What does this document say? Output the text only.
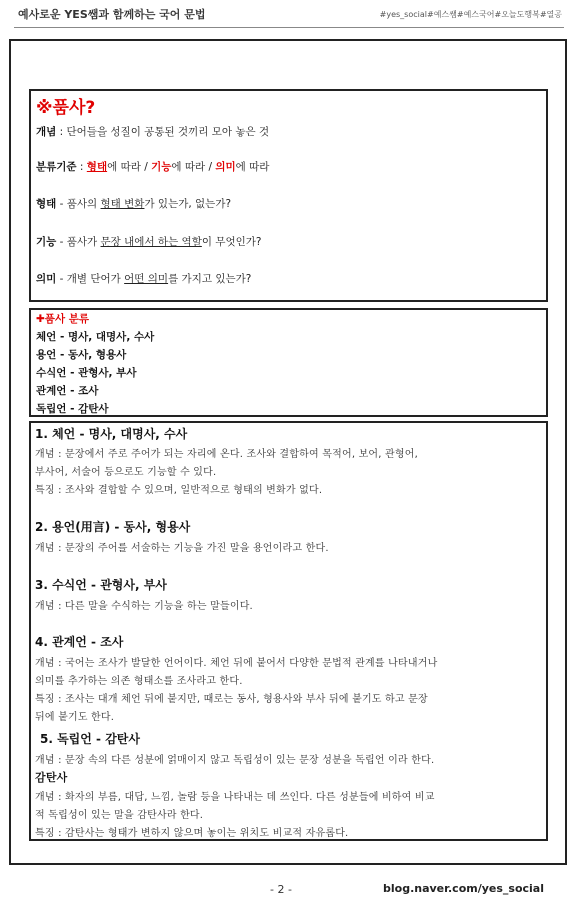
예사로운 YES쌤과 함께하는 국어 문법	#yes_social#예스쌤#예스국어#오늘도행복#열공
※품사?
개념 : 단어들을 성질이 공통된 것끼리 모아 놓은 것
분류기준 : 형태에 따라 / 기능에 따라 / 의미에 따라
형태 - 품사의 형태 변화가 있는가, 없는가?
기능 - 품사가 문장 내에서 하는 역할이 무엇인가?
의미 - 개별 단어가 어떤 의미를 가지고 있는가?
✚품사 분류
체언 - 명사, 대명사, 수사
용언 - 동사, 형용사
수식언 - 관형사, 부사
관계언 - 조사
독립언 - 감탄사
1. 체언 - 명사, 대명사, 수사
개념 : 문장에서 주로 주어가 되는 자리에 온다. 조사와 결합하여 목적어, 보어, 관형어,
부사어, 서술어 등으로도 기능할 수 있다.
특징 : 조사와 결합할 수 있으며, 일반적으로 형태의 변화가 없다.
2. 용언(用言) - 동사, 형용사
개념 : 문장의 주어를 서술하는 기능을 가진 말을 용언이라고 한다.
3. 수식언 - 관형사, 부사
개념 : 다른 말을 수식하는 기능을 하는 말들이다.
4. 관계언 - 조사
개념 : 국어는 조사가 발달한 언어이다. 체언 뒤에 붙어서 다양한 문법적 관계를 나타내거나
의미를 추가하는 의존 형태소를 조사라고 한다.
특징 : 조사는 대개 체언 뒤에 붙지만, 때로는 동사, 형용사와 부사 뒤에 붙기도 하고 문장
뒤에 붙기도 한다.
5. 독립언 - 감탄사
개념 : 문장 속의 다른 성분에 얽매이지 않고 독립성이 있는 문장 성분을 독립언 이라 한다.
감탄사
개념 : 화자의 부름, 대답, 느낌, 놀람 등을 나타내는 데 쓰인다. 다른 성분들에 비하여 비교
적 독립성이 있는 말을 감탄사라 한다.
특징 : 감탄사는 형태가 변하지 않으며 놓이는 위치도 비교적 자유롭다.
- 2 -	blog.naver.com/yes_social
